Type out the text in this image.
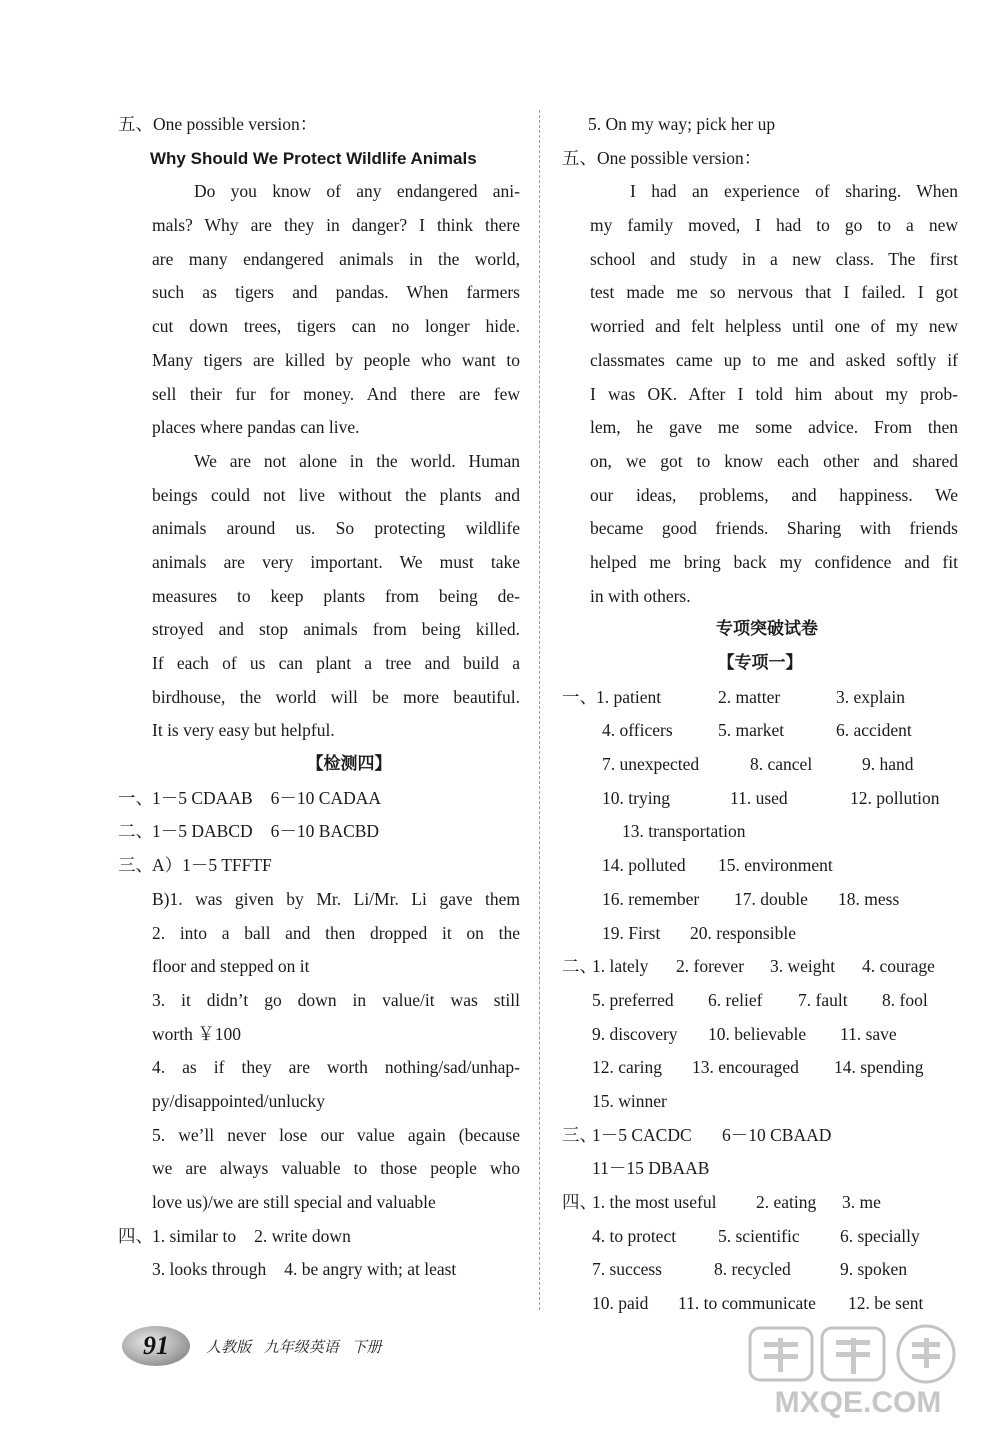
五、One possible version：
Why Should We Protect Wildlife Animals
Do you know of any endangered ani-
mals? Why are they in danger? I think there
are many endangered animals in the world,
such as tigers and pandas. When farmers
cut down trees, tigers can no longer hide.
Many tigers are killed by people who want to
sell their fur for money. And there are few
places where pandas can live.
We are not alone in the world. Human
beings could not live without the plants and
animals around us. So protecting wildlife
animals are very important. We must take
measures to keep plants from being de-
stroyed and stop animals from being killed.
If each of us can plant a tree and build a
birdhouse, the world will be more beautiful.
It is very easy but helpful.
【检测四】
一、1－5 CDAAB 6－10 CADAA
二、1－5 DABCD 6－10 BACBD
三、A）1－5 TFFTF
B)1. was given by Mr. Li/Mr. Li gave them
2. into a ball and then dropped it on the
floor and stepped on it
3. it didn’t go down in value/it was still
worth ￥100
4. as if they are worth nothing/sad/unhap-
py/disappointed/unlucky
5. we’ll never lose our value again (because
we are always valuable to those people who
love us)/we are still special and valuable
四、1. similar to 2. write down
3. looks through 4. be angry with; at least
5. On my way; pick her up
五、One possible version：
I had an experience of sharing. When
my family moved, I had to go to a new
school and study in a new class. The first
test made me so nervous that I failed. I got
worried and felt helpless until one of my new
classmates came up to me and asked softly if
I was OK. After I told him about my prob-
lem, he gave me some advice. From then
on, we got to know each other and shared
our ideas, problems, and happiness. We
became good friends. Sharing with friends
helped me bring back my confidence and fit
in with others.
专项突破试卷
【专项一】
一、 1. patient	2. matter	3. explain
4. officers	5. market	6. accident
7. unexpected	8. cancel	9. hand
10. trying	11. used	12. pollution
13. transportation
14. polluted	15. environment
16. remember	17. double	18. mess
19. First	20. responsible
二、
1. lately	2. forever	3. weight	4. courage
5. preferred	6. relief	7. fault	8. fool
9. discovery	10. believable	11. save
12. caring	13. encouraged	14. spending
15. winner
三、
1－5 CACDC	6－10 CBAAD
11－15 DBAAB
四、
1. the most useful	2. eating	3. me
4. to protect	5. scientific	6. specially
7. success	8. recycled	9. spoken
10. paid	11. to communicate	12. be sent
91	人教版 九年级英语 下册
MXQE.COM
